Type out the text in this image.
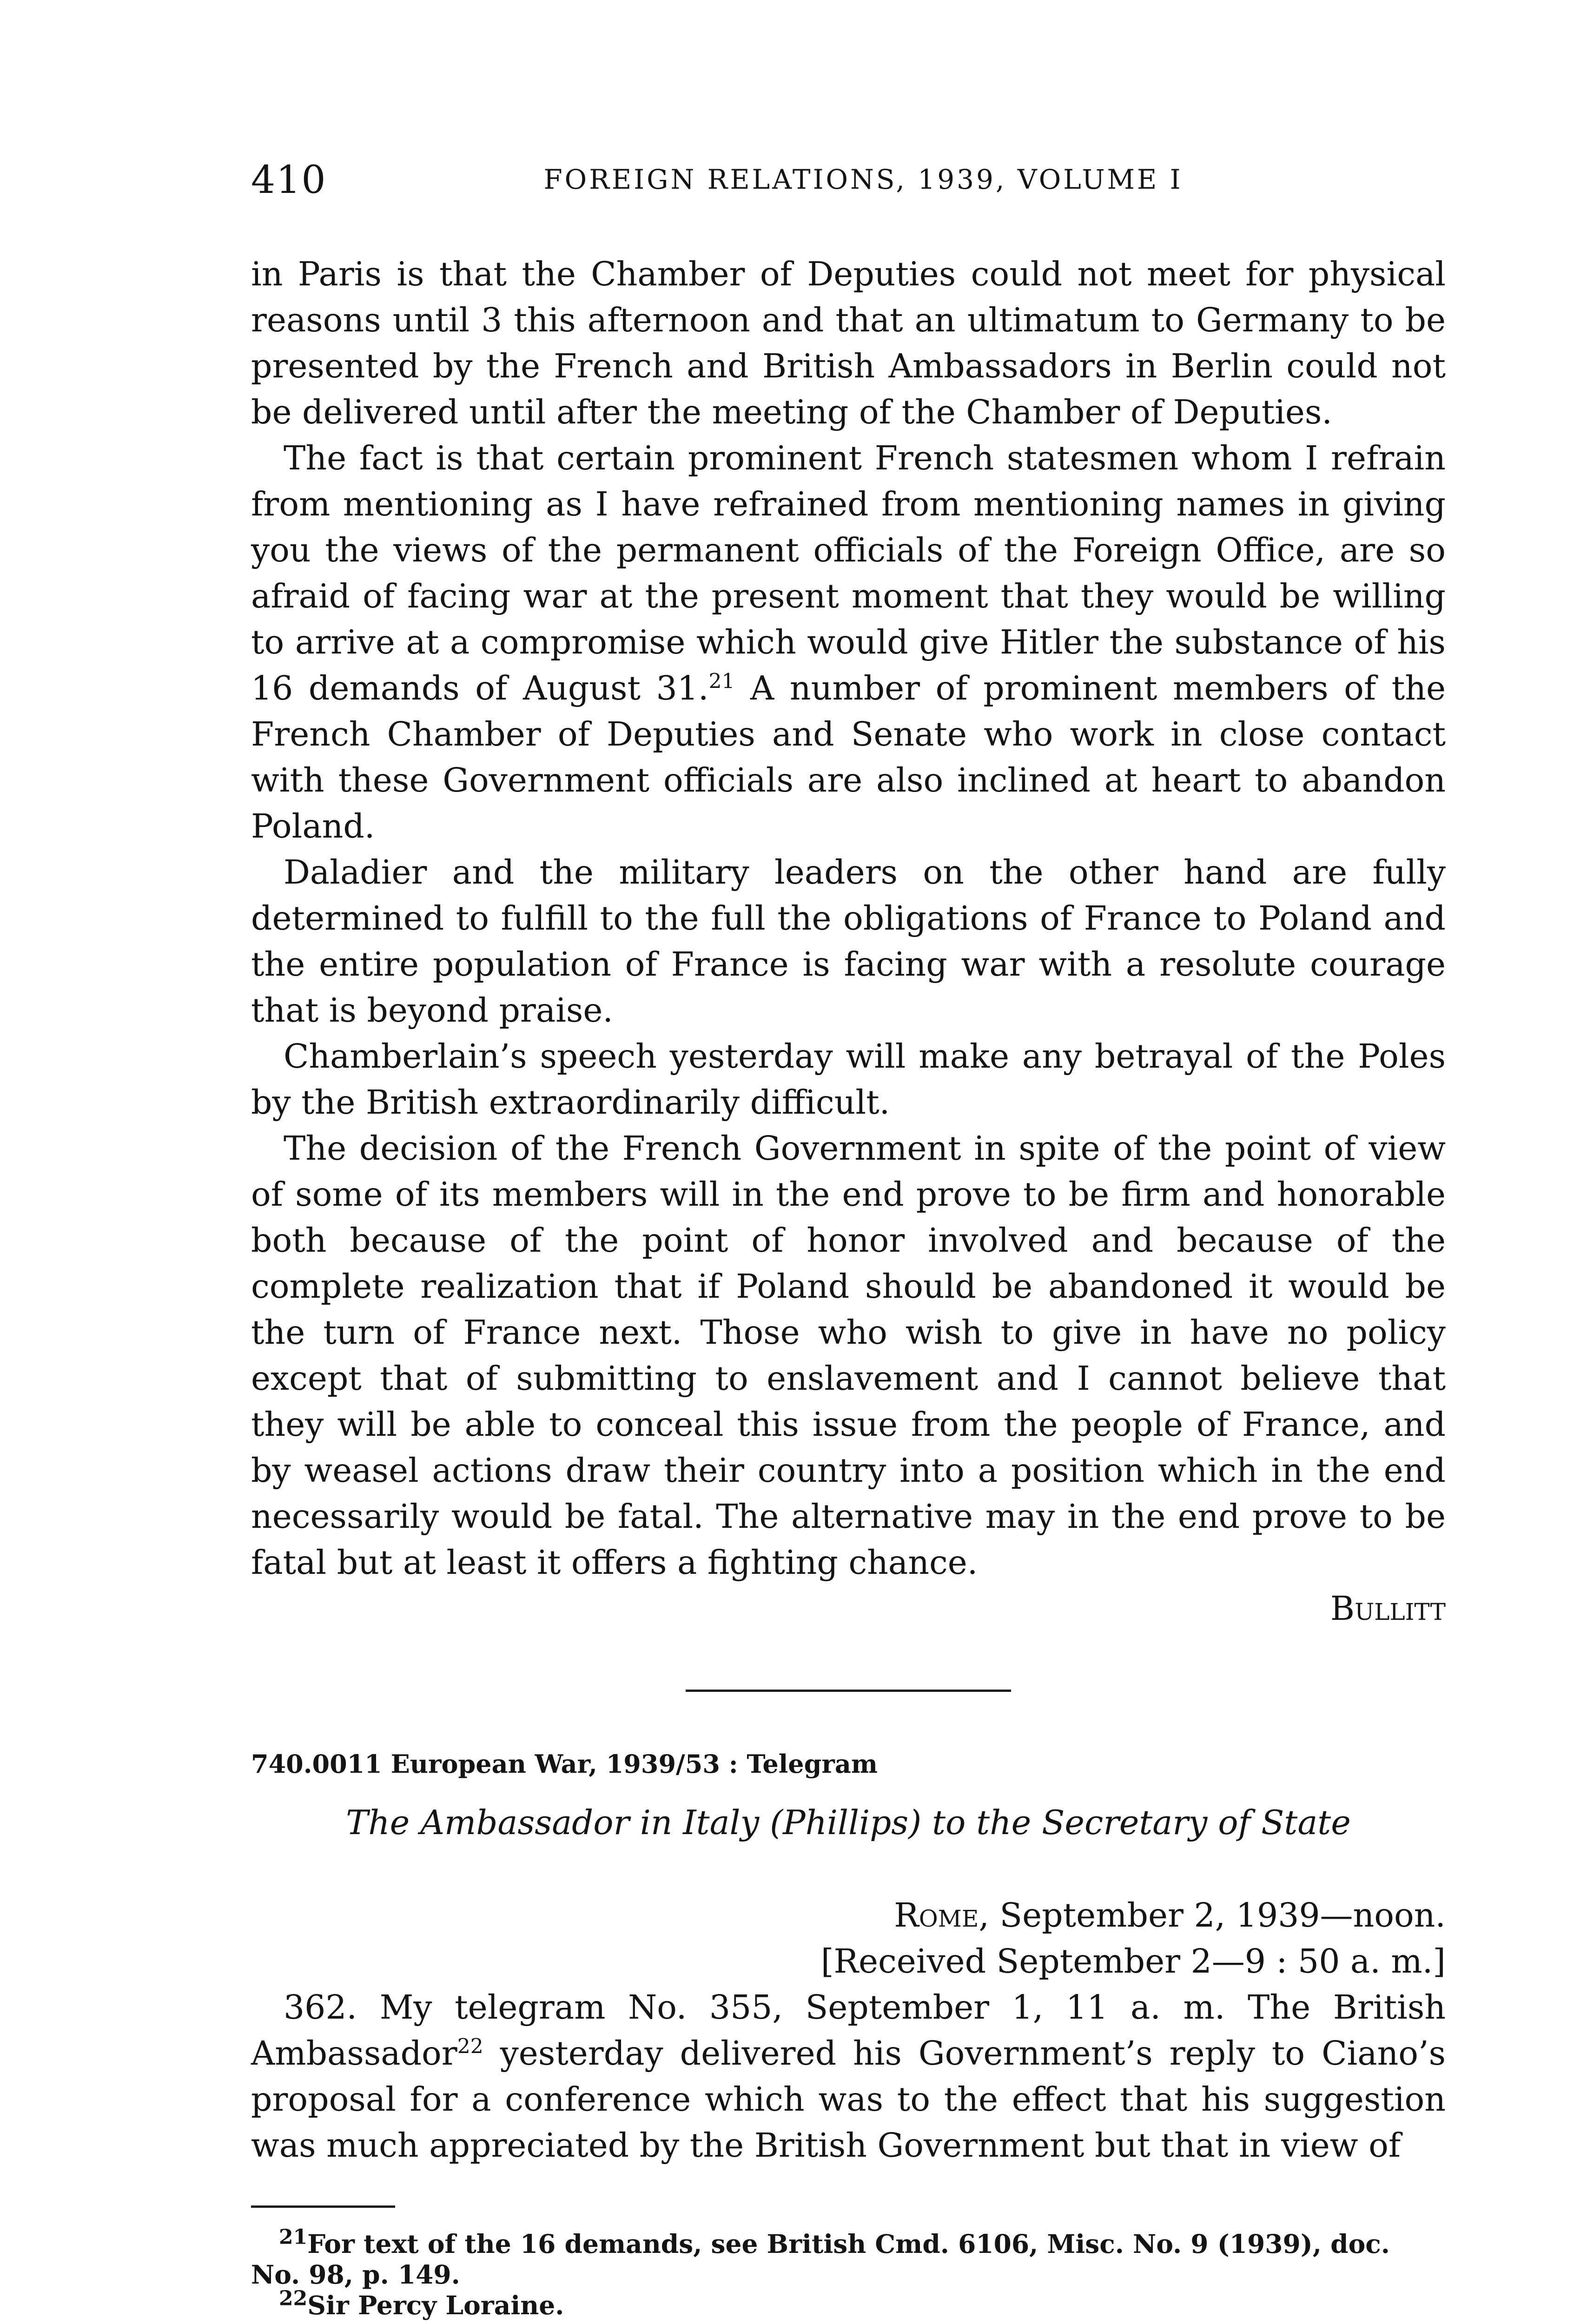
410	FOREIGN RELATIONS, 1939, VOLUME I

in Paris is that the Chamber of Deputies could not meet for physical reasons until 3 this afternoon and that an ultimatum to Germany to be presented by the French and British Ambassadors in Berlin could not be delivered until after the meeting of the Chamber of Deputies.

The fact is that certain prominent French statesmen whom I refrain from mentioning as I have refrained from mentioning names in giving you the views of the permanent officials of the Foreign Office, are so afraid of facing war at the present moment that they would be willing to arrive at a compromise which would give Hitler the substance of his 16 demands of August 31.21 A number of prominent members of the French Chamber of Deputies and Senate who work in close contact with these Government officials are also inclined at heart to abandon Poland.

Daladier and the military leaders on the other hand are fully determined to fulfill to the full the obligations of France to Poland and the entire population of France is facing war with a resolute courage that is beyond praise.

Chamberlain’s speech yesterday will make any betrayal of the Poles by the British extraordinarily difficult.

The decision of the French Government in spite of the point of view of some of its members will in the end prove to be firm and honorable both because of the point of honor involved and because of the complete realization that if Poland should be abandoned it would be the turn of France next. Those who wish to give in have no policy except that of submitting to enslavement and I cannot believe that they will be able to conceal this issue from the people of France, and by weasel actions draw their country into a position which in the end necessarily would be fatal. The alternative may in the end prove to be fatal but at least it offers a fighting chance.

Bullitt

740.0011 European War, 1939/53 : Telegram
The Ambassador in Italy (Phillips) to the Secretary of State
Rome, September 2, 1939—noon.
[Received September 2—9 : 50 a. m.]

362. My telegram No. 355, September 1, 11 a. m. The British Ambassador$^{22}$ yesterday delivered his Government’s reply to Ciano’s proposal for a conference which was to the effect that his suggestion was much appreciated by the British Government but that in view of

$^{21}$For text of the 16 demands, see British Cmd. 6106, Misc. No. 9 (1939), doc. No. 98, p. 149.

$^{22}$Sir Percy Loraine.
